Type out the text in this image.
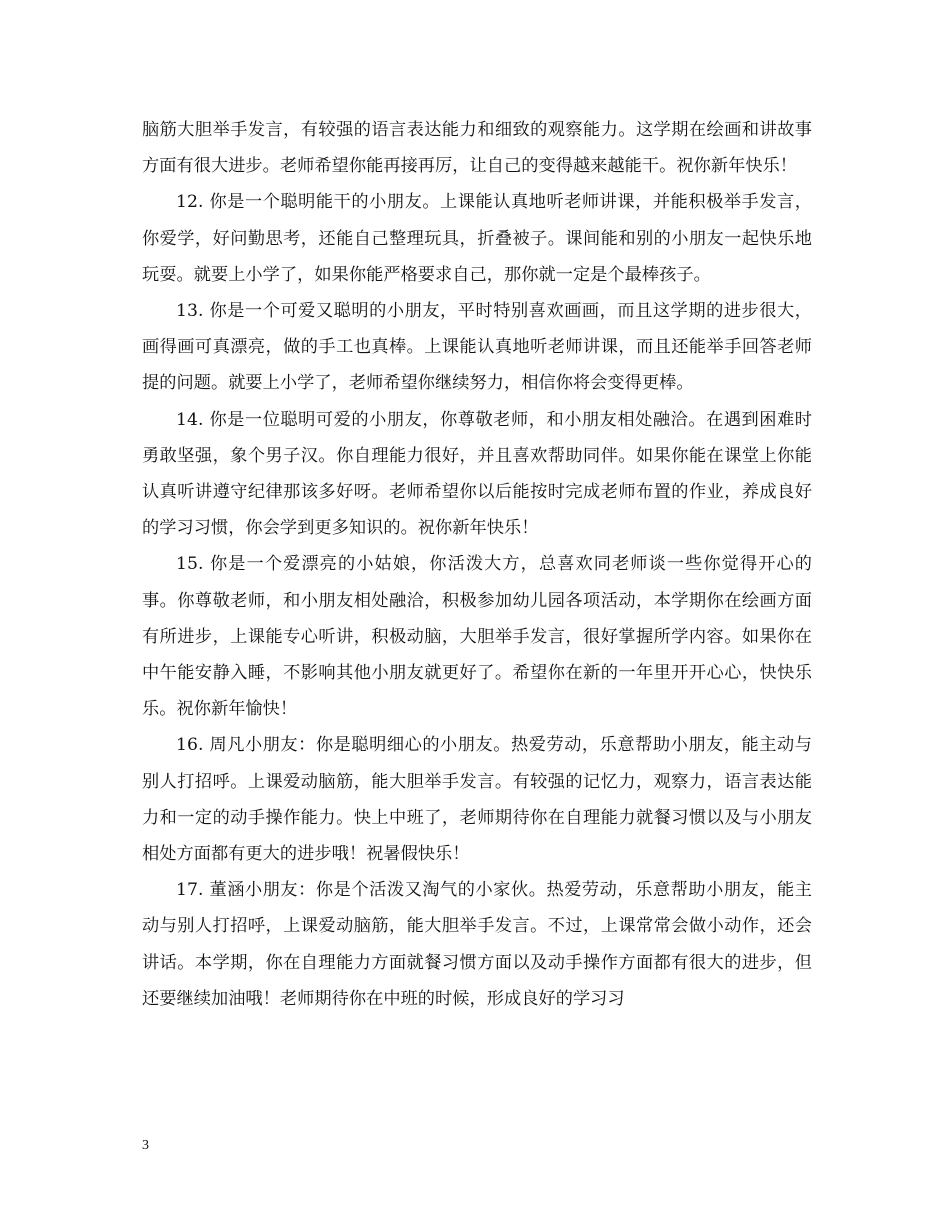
脑筋大胆举手发言，有较强的语言表达能力和细致的观察能力。这学期在绘画和讲故事方面有很大进步。老师希望你能再接再厉，让自己的变得越来越能干。祝你新年快乐！

12. 你是一个聪明能干的小朋友。上课能认真地听老师讲课，并能积极举手发言，你爱学，好问勤思考，还能自己整理玩具，折叠被子。课间能和别的小朋友一起快乐地玩耍。就要上小学了，如果你能严格要求自己，那你就一定是个最棒孩子。

13. 你是一个可爱又聪明的小朋友，平时特别喜欢画画，而且这学期的进步很大，画得画可真漂亮，做的手工也真棒。上课能认真地听老师讲课，而且还能举手回答老师提的问题。就要上小学了，老师希望你继续努力，相信你将会变得更棒。

14. 你是一位聪明可爱的小朋友，你尊敬老师，和小朋友相处融洽。在遇到困难时勇敢坚强，象个男子汉。你自理能力很好，并且喜欢帮助同伴。如果你能在课堂上你能认真听讲遵守纪律那该多好呀。老师希望你以后能按时完成老师布置的作业，养成良好的学习习惯，你会学到更多知识的。祝你新年快乐！

15. 你是一个爱漂亮的小姑娘，你活泼大方，总喜欢同老师谈一些你觉得开心的事。你尊敬老师，和小朋友相处融洽，积极参加幼儿园各项活动，本学期你在绘画方面有所进步，上课能专心听讲，积极动脑，大胆举手发言，很好掌握所学内容。如果你在中午能安静入睡，不影响其他小朋友就更好了。希望你在新的一年里开开心心，快快乐乐。祝你新年愉快！

16. 周凡小朋友：你是聪明细心的小朋友。热爱劳动，乐意帮助小朋友，能主动与别人打招呼。上课爱动脑筋，能大胆举手发言。有较强的记忆力，观察力，语言表达能力和一定的动手操作能力。快上中班了，老师期待你在自理能力就餐习惯以及与小朋友相处方面都有更大的进步哦！祝暑假快乐！

17. 董涵小朋友：你是个活泼又淘气的小家伙。热爱劳动，乐意帮助小朋友，能主动与别人打招呼，上课爱动脑筋，能大胆举手发言。不过，上课常常会做小动作，还会讲话。本学期，你在自理能力方面就餐习惯方面以及动手操作方面都有很大的进步，但还要继续加油哦！老师期待你在中班的时候，形成良好的学习习

3
